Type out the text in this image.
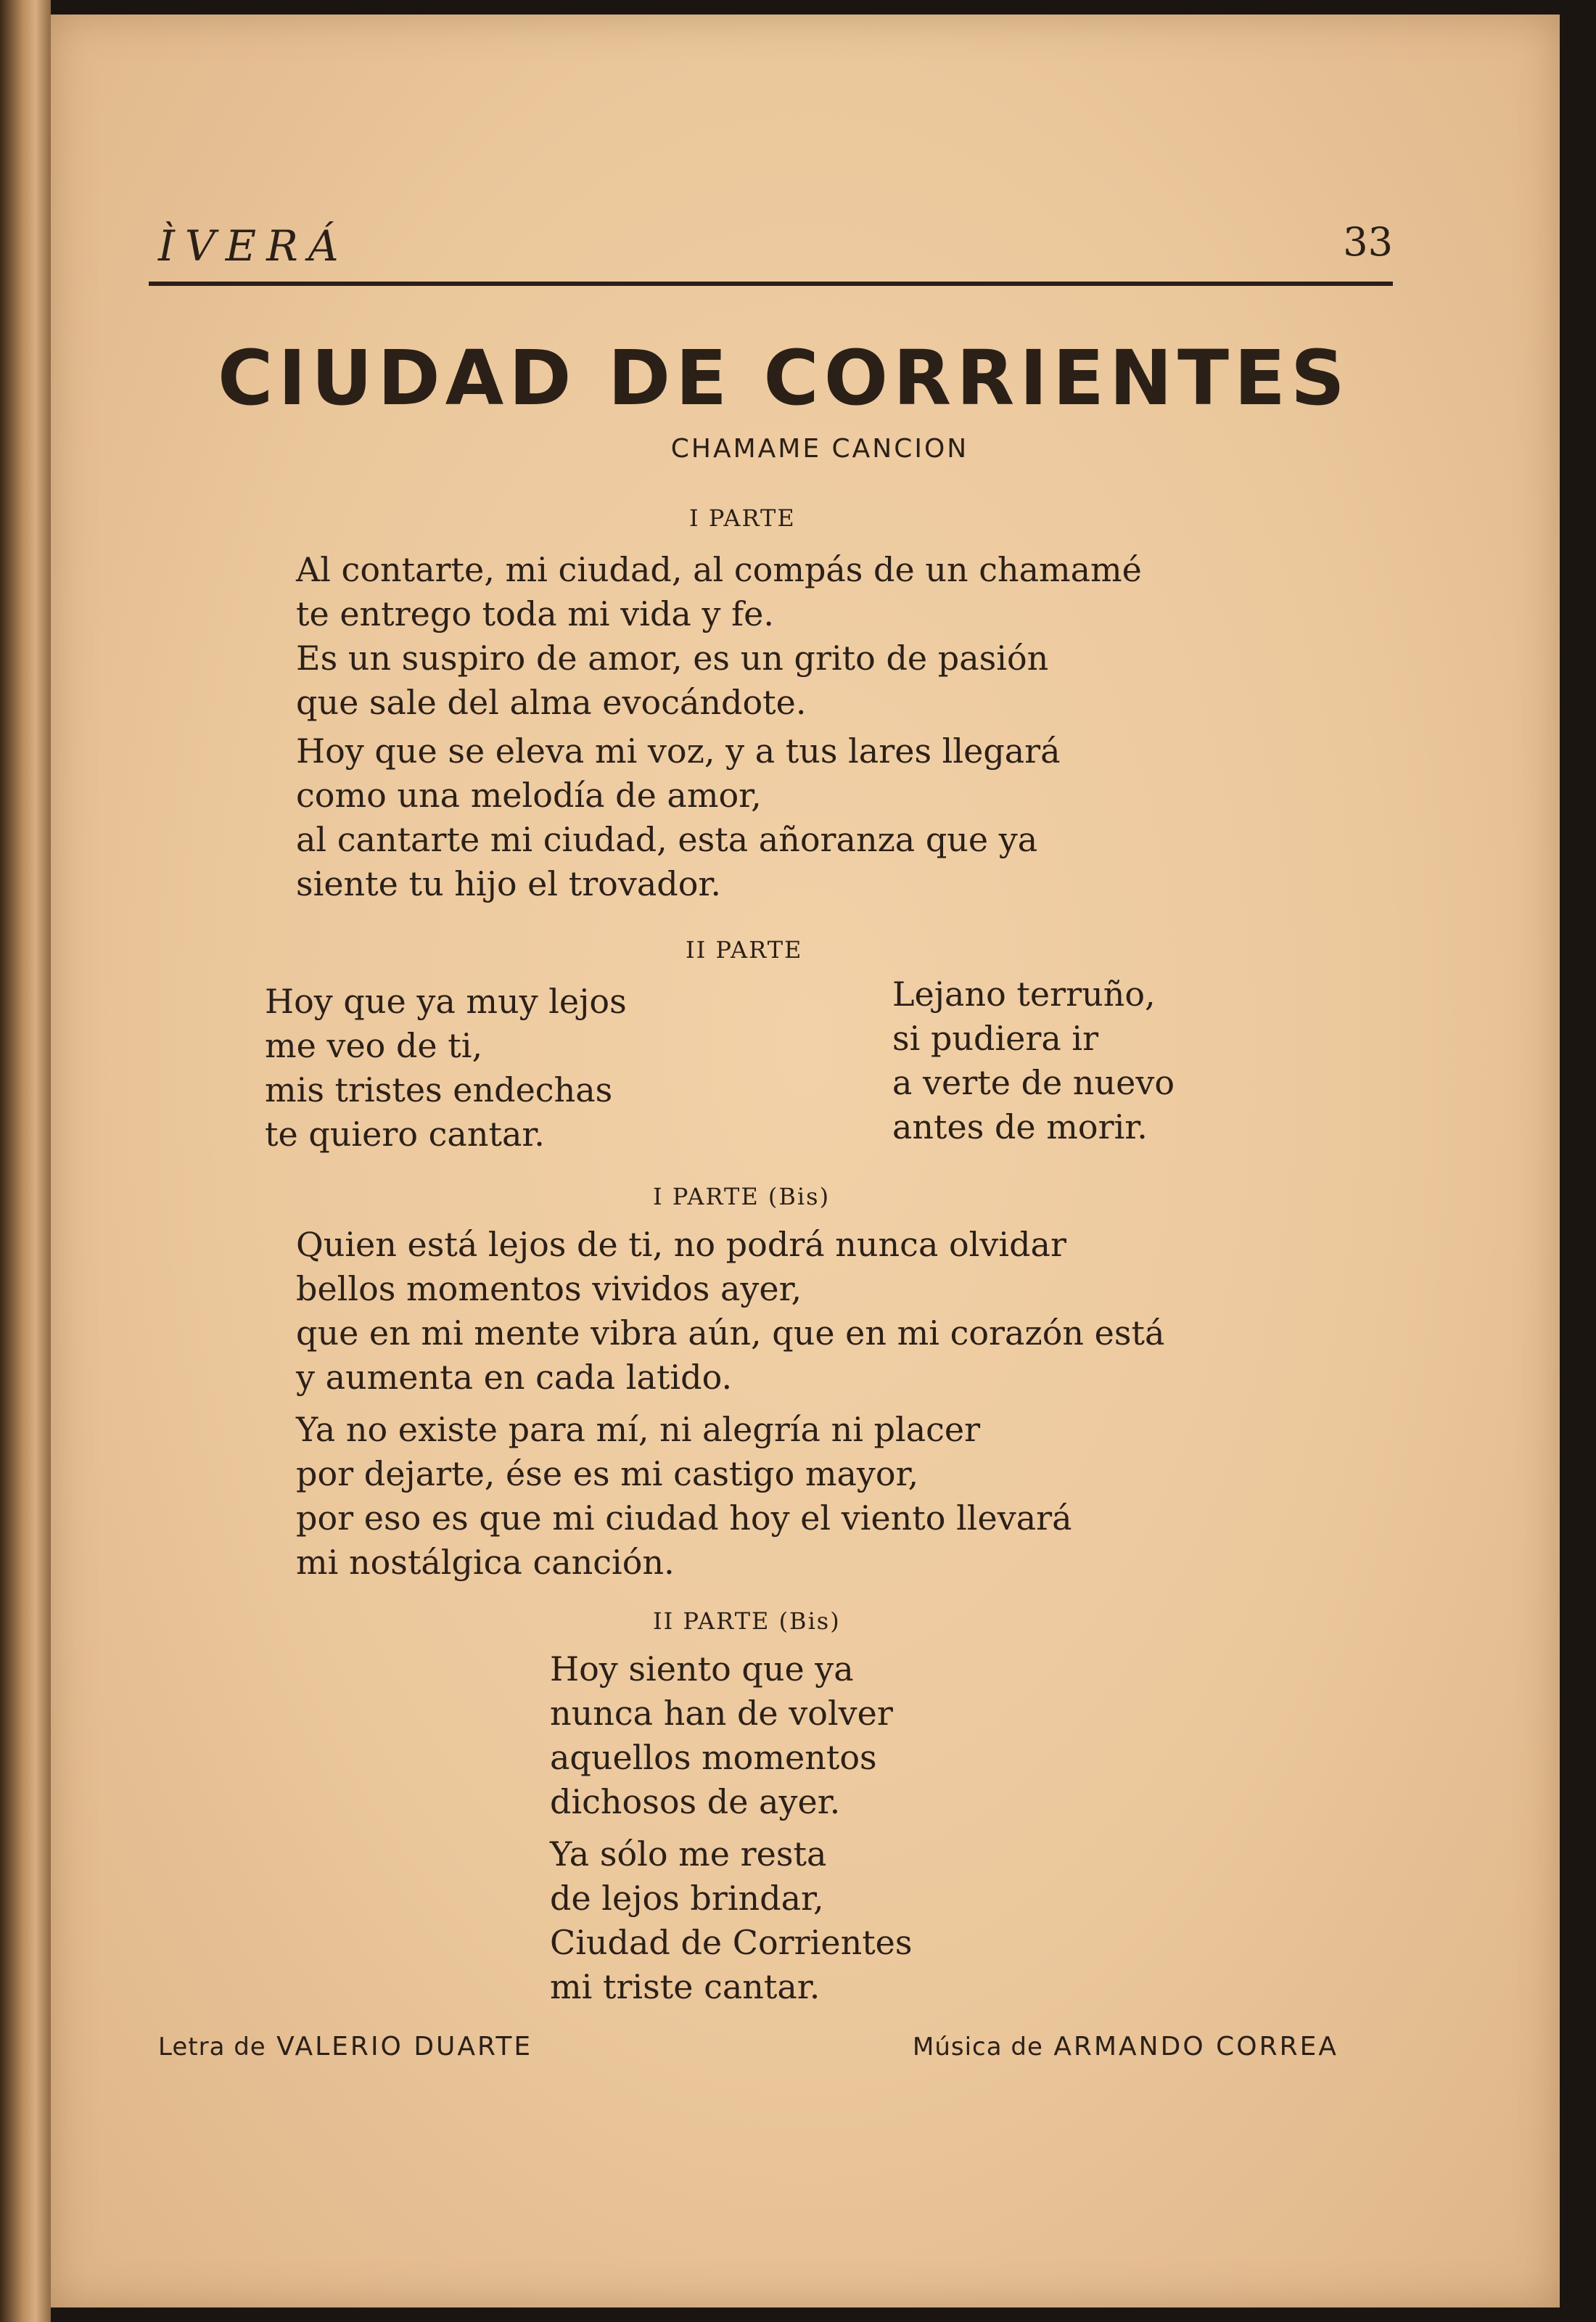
ÌVERÁ	33
CIUDAD DE CORRIENTES
CHAMAME CANCION
I PARTE
Al contarte, mi ciudad, al compás de un chamamé
te entrego toda mi vida y fe.
Es un suspiro de amor, es un grito de pasión
que sale del alma evocándote.
Hoy que se eleva mi voz, y a tus lares llegará
como una melodía de amor,
al cantarte mi ciudad, esta añoranza que ya
siente tu hijo el trovador.
II PARTE
Hoy que ya muy lejos
me veo de ti,
mis tristes endechas
te quiero cantar.
Lejano terruño,
si pudiera ir
a verte de nuevo
antes de morir.
I PARTE (Bis)
Quien está lejos de ti, no podrá nunca olvidar
bellos momentos vividos ayer,
que en mi mente vibra aún, que en mi corazón está
y aumenta en cada latido.
Ya no existe para mí, ni alegría ni placer
por dejarte, ése es mi castigo mayor,
por eso es que mi ciudad hoy el viento llevará
mi nostálgica canción.
II PARTE (Bis)
Hoy siento que ya
nunca han de volver
aquellos momentos
dichosos de ayer.
Ya sólo me resta
de lejos brindar,
Ciudad de Corrientes
mi triste cantar.
Letra de VALERIO DUARTE	Música de ARMANDO CORREA
